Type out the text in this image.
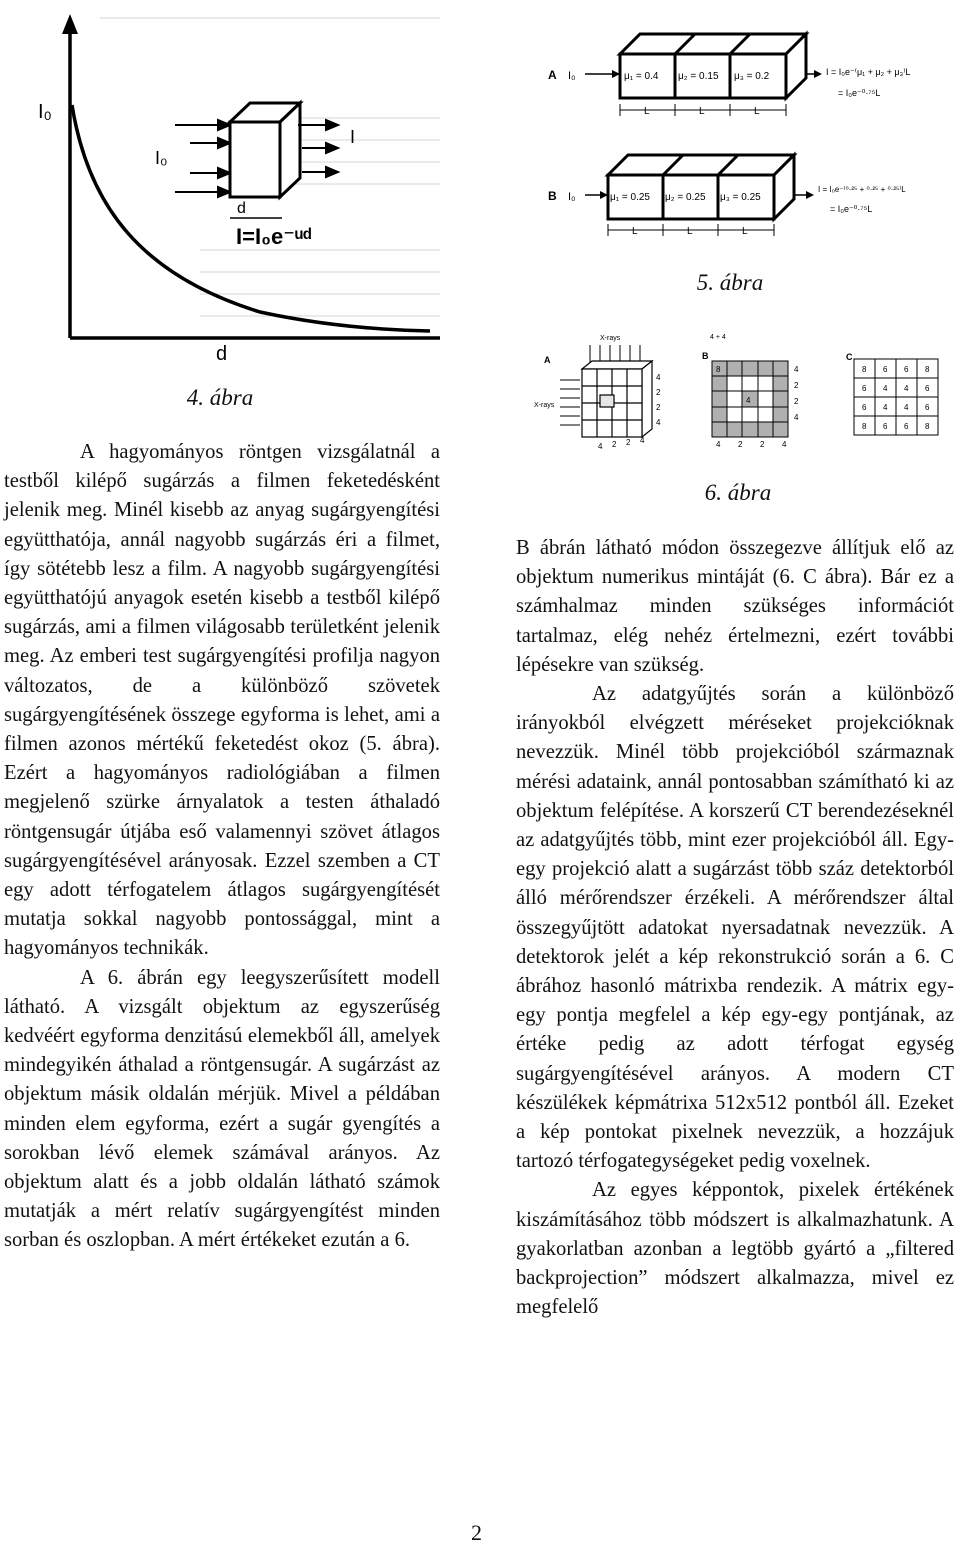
I₀
d
I₀
I
d
I=I₀e⁻ᵘᵈ
4. ábra
A I₀	μ₁ = 0.4 μ₂ = 0.15 μ₃ = 0.2	I = I₀e⁻⁽μ₁ + μ₂ + μ₃⁾L
= I₀e⁻⁰·⁷⁵L
L	L	L
B I₀	μ₁ = 0.25 μ₂ = 0.25 μ₃ = 0.25
I = I₀e⁻⁽⁰·²⁵ + ⁰·²⁵ + ⁰·²⁵⁾L
= I₀e⁻⁰·⁷⁵L
L	L	L
5. ábra
A
X-rays
X-rays
4
2
2
4
4 2 2 4
B
4 + 4
8
4
4
2
2
4
4 2 2 4
C
8 6 6 8
6 4 4 6
6 4 4 6
8 6 6 8
6. ábra

A hagyományos röntgen vizsgálatnál a testből kilépő sugárzás a filmen feketedésként jelenik meg. Minél kisebb az anyag sugárgyengítési együtthatója, annál nagyobb sugárzás éri a filmet, így sötétebb lesz a film. A nagyobb sugárgyengítési együtthatójú anyagok esetén kisebb a testből kilépő sugárzás, ami a filmen világosabb területként jelenik meg. Az emberi test sugárgyengítési profilja nagyon változatos, de a különböző szövetek sugárgyengítésének összege egyforma is lehet, ami a filmen azonos mértékű feketedést okoz (5. ábra). Ezért a hagyományos radiológiában a filmen megjelenő szürke árnyalatok a testen áthaladó röntgensugár útjába eső valamennyi szövet átlagos sugárgyengítésével arányosak. Ezzel szemben a CT egy adott térfogatelem átlagos sugárgyengítését mutatja sokkal nagyobb pontossággal, mint a hagyományos technikák.

A 6. ábrán egy leegyszerűsített modell látható. A vizsgált objektum az egyszerűség kedvéért egyforma denzitású elemekből áll, amelyek mindegyikén áthalad a röntgensugár. A sugárzást az objektum másik oldalán mérjük. Mivel a példában minden elem egyforma, ezért a sugár gyengítés a sorokban lévő elemek számával arányos. Az objektum alatt és a jobb oldalán látható számok mutatják a mért relatív sugárgyengítést minden sorban és oszlopban. A mért értékeket ezután a 6.

B ábrán látható módon összegezve állítjuk elő az objektum numerikus mintáját (6. C ábra). Bár ez a számhalmaz minden szükséges információt tartalmaz, elég nehéz értelmezni, ezért további lépésekre van szükség.

Az adatgyűjtés során a különböző irányokból elvégzett méréseket projekcióknak nevezzük. Minél több projekcióból származnak mérési adataink, annál pontosabban számítható ki az objektum felépítése. A korszerű CT berendezéseknél az adatgyűjtés több, mint ezer projekcióból áll. Egy-egy projekció alatt a sugárzást több száz detektorból álló mérőrendszer érzékeli. A mérőrendszer által összegyűjtött adatokat nyersadatnak nevezzük. A detektorok jelét a kép rekonstrukció során a 6. C ábrához hasonló mátrixba rendezik. A mátrix egy-egy pontja megfelel a kép egy-egy pontjának, az értéke pedig az adott térfogat egység sugárgyengítésével arányos. A modern CT készülékek képmátrixa 512x512 pontból áll. Ezeket a kép pontokat pixelnek nevezzük, a hozzájuk tartozó térfogategységeket pedig voxelnek.

Az egyes képpontok, pixelek értékének kiszámításához több módszert is alkalmazhatunk. A gyakorlatban azonban a legtöbb gyártó a „filtered backprojection” módszert alkalmazza, mivel ez megfelelő

2
